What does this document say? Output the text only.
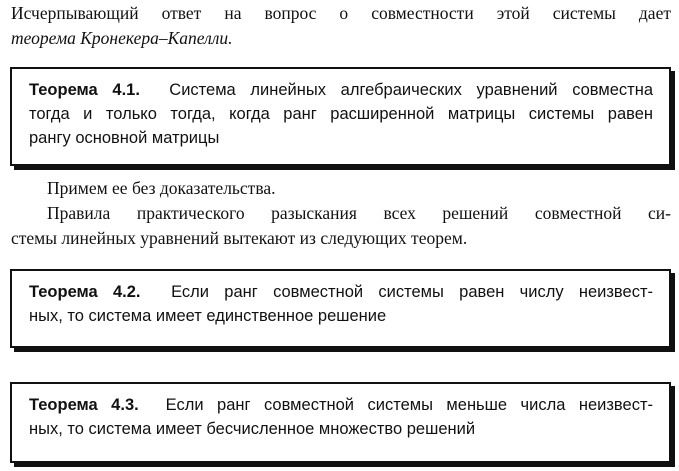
Исчерпывающий ответ на вопрос о совместности этой системы дает
теорема Кронекера–Капелли.
Теорема 4.1. Система линейных алгебраических уравнений совместна
тогда и только тогда, когда ранг расширенной матрицы системы равен
рангу основной матрицы
Примем ее без доказательства.
Правила практического разыскания всех решений совместной си-
стемы линейных уравнений вытекают из следующих теорем.
Теорема 4.2. Если ранг совместной системы равен числу неизвест-
ных, то система имеет единственное решение
Теорема 4.3. Если ранг совместной системы меньше числа неизвест-
ных, то система имеет бесчисленное множество решений
